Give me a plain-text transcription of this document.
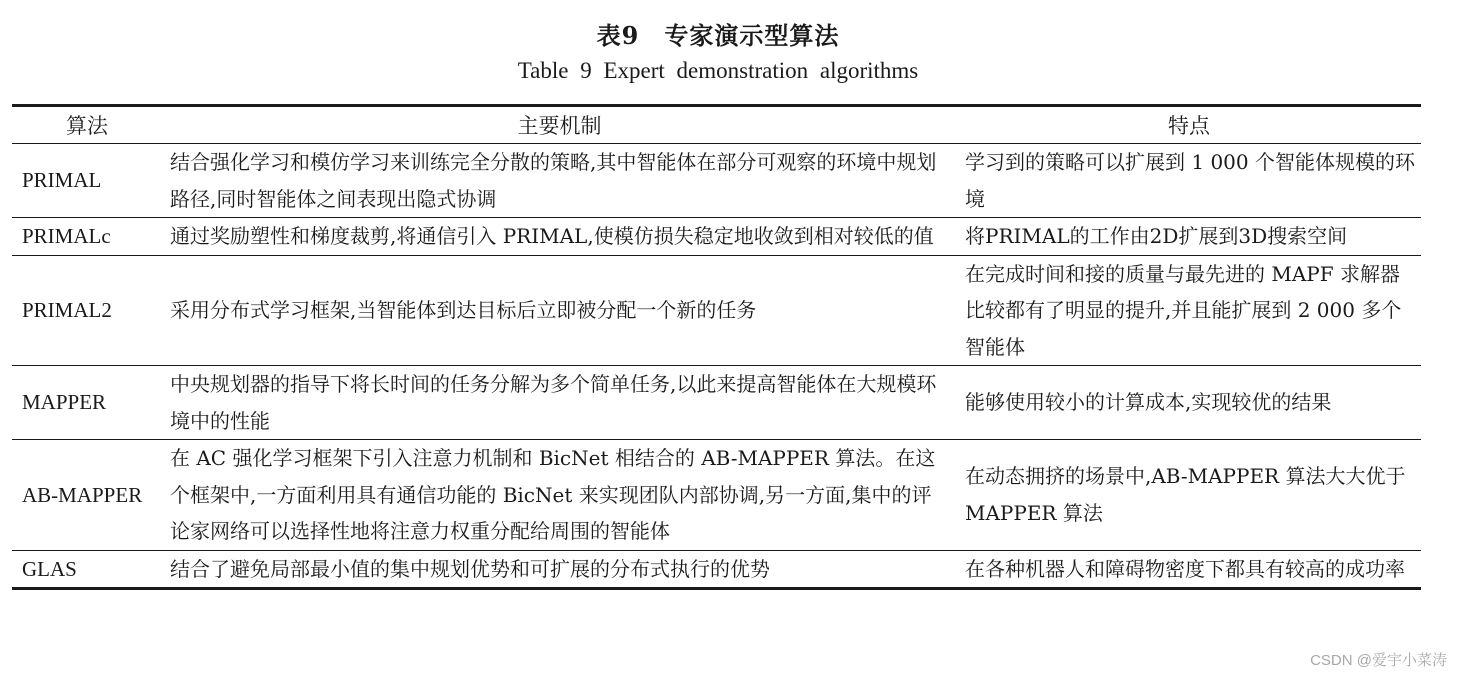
表9　专家演示型算法
Table 9 Expert demonstration algorithms
算法	主要机制	特点
PRIMAL	结合强化学习和模仿学习来训练完全分散的策略,其中智能体在部分可观察的环境中规划路径,同时智能体之间表现出隐式协调	学习到的策略可以扩展到 1 000 个智能体规模的环境
PRIMALc	通过奖励塑性和梯度裁剪,将通信引入 PRIMAL,使模仿损失稳定地收敛到相对较低的值	将PRIMAL的工作由2D扩展到3D搜索空间
PRIMAL2	采用分布式学习框架,当智能体到达目标后立即被分配一个新的任务	在完成时间和接的质量与最先进的 MAPF 求解器比较都有了明显的提升,并且能扩展到 2 000 多个智能体
MAPPER	中央规划器的指导下将长时间的任务分解为多个简单任务,以此来提高智能体在大规模环境中的性能	能够使用较小的计算成本,实现较优的结果
AB-MAPPER	在 AC 强化学习框架下引入注意力机制和 BicNet 相结合的 AB-MAPPER 算法。在这个框架中,一方面利用具有通信功能的 BicNet 来实现团队内部协调,另一方面,集中的评论家网络可以选择性地将注意力权重分配给周围的智能体	在动态拥挤的场景中,AB-MAPPER 算法大大优于 MAPPER 算法
GLAS	结合了避免局部最小值的集中规划优势和可扩展的分布式执行的优势	在各种机器人和障碍物密度下都具有较高的成功率
CSDN @爱宇小菜涛
